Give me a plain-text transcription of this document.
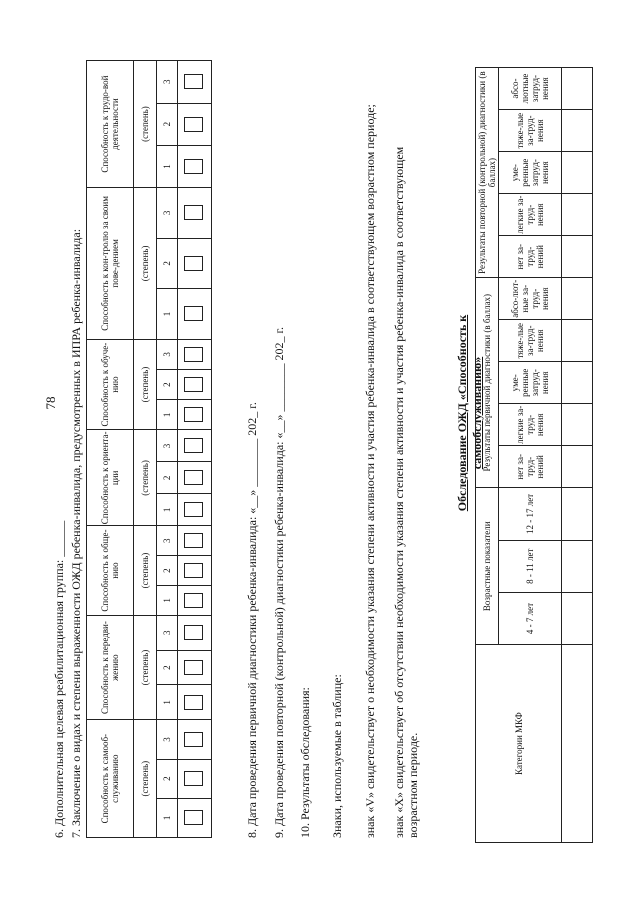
78
6. Дополнительная целевая реабилитационная группа: ______ 7. Заключение о видах и степени выраженности ОЖД ребенка-инвалида, предусмотренных в ИПРА ребенка-инвалида: Способность к самооб-служиванию			Способность к передви-жению			Способность к обще-нию			Способность к ориента-ции			Способность к обуче-нию			Способность к кон-тролю за своим пове-дением			Способность к трудо-вой деятельности		
(степень)			(степень)			(степень)			(степень)			(степень)			(степень)			(степень)		
1	2	3	1	2	3	1	2	3	1	2	3	1	2	3	1	2	3	1	2	3

8. Дата проведения первичной диагностики ребенка-инвалида: «__» ________ 202_ г. 9. Дата проведения повторной (контрольной) диагностики ребенка-инвалида: «__» ________ 202_ г. 10. Результаты обследования: Знаки, используемые в таблице: знак «V» свидетельствует о необходимости указания степени активности и участия ребенка-инвалида в соответствующем возрастном периоде; знак «X» свидетельствует об отсутствии необходимости указания степени активности и участия ребенка-инвалида в соответствующем возрастном периоде.
Обследование ОЖД «Способность к самообслуживанию»
Категории МКФ	Возрастные показатели			Результаты первичной диагностики (в баллах)					Результаты повторной (контрольной) диагностики (в баллах)				
	4 - 7 лет	8 - 11 лет	12 - 17 лет	нет за-труд-нений	легкие за-труд-нения	уме-ренные затруд-нения	тяже-лые за-труд-нения	абсо-лют-ные за-труд-нения	нет за-труд-нений	легкие за-труд-нения	уме-ренные затруд-нения	тяже-лые за-труд-нения	абсо-лютные затруд-нения
